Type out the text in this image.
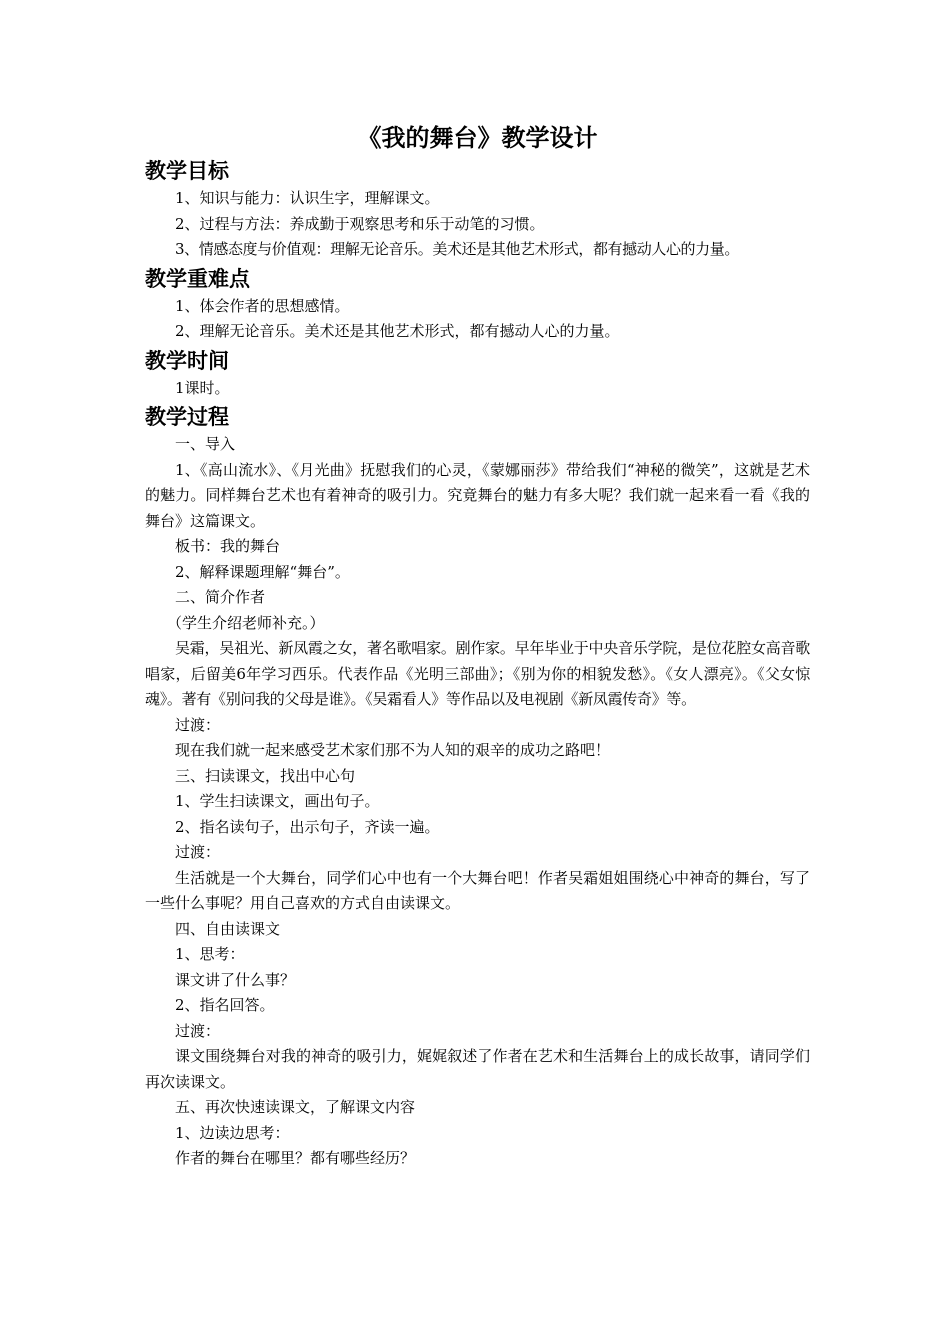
《我的舞台》教学设计
教学目标

1、知识与能力：认识生字，理解课文。

2、过程与方法：养成勤于观察思考和乐于动笔的习惯。

3、情感态度与价值观：理解无论音乐。美术还是其他艺术形式，都有撼动人心的力量。

教学重难点

1、体会作者的思想感情。

2、理解无论音乐。美术还是其他艺术形式，都有撼动人心的力量。

教学时间

1课时。

教学过程

一、导入

1、《高山流水》、《月光曲》抚慰我们的心灵，《蒙娜丽莎》带给我们“神秘的微笑”，这就是艺术的魅力。同样舞台艺术也有着神奇的吸引力。究竟舞台的魅力有多大呢？我们就一起来看一看《我的舞台》这篇课文。

板书：我的舞台

2、解释课题理解“舞台”。

二、简介作者

（学生介绍老师补充。）

吴霜，吴祖光、新凤霞之女，著名歌唱家。剧作家。早年毕业于中央音乐学院，是位花腔女高音歌唱家，后留美6年学习西乐。代表作品《光明三部曲》；《别为你的相貌发愁》。《女人漂亮》。《父女惊魂》。著有《别问我的父母是谁》。《吴霜看人》等作品以及电视剧《新凤霞传奇》等。

过渡：

现在我们就一起来感受艺术家们那不为人知的艰辛的成功之路吧！

三、扫读课文，找出中心句

1、学生扫读课文，画出句子。

2、指名读句子，出示句子，齐读一遍。

过渡：

生活就是一个大舞台，同学们心中也有一个大舞台吧！作者吴霜姐姐围绕心中神奇的舞台，写了一些什么事呢？用自己喜欢的方式自由读课文。

四、自由读课文

1、思考：

课文讲了什么事？

2、指名回答。

过渡：

课文围绕舞台对我的神奇的吸引力，娓娓叙述了作者在艺术和生活舞台上的成长故事，请同学们再次读课文。

五、再次快速读课文，了解课文内容

1、边读边思考：

作者的舞台在哪里？都有哪些经历？
